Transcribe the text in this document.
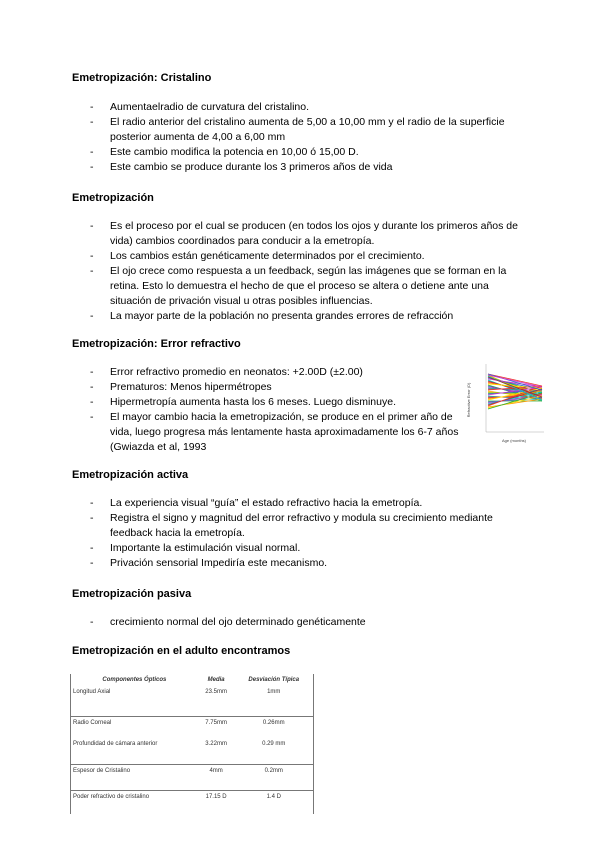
Emetropización: Cristalino
- Aumentaelradio de curvatura del cristalino.
- El radio anterior del cristalino aumenta de 5,00 a 10,00 mm y el radio de la superficie posterior aumenta de 4,00 a 6,00 mm
- Este cambio modifica la potencia en 10,00 ó 15,00 D.
- Este cambio se produce durante los 3 primeros años de vida
Emetropización
- Es el proceso por el cual se producen (en todos los ojos y durante los primeros años de vida) cambios coordinados para conducir a la emetropía.
- Los cambios están genéticamente determinados por el crecimiento.
- El ojo crece como respuesta a un feedback, según las imágenes que se forman en la retina. Esto lo demuestra el hecho de que el proceso se altera o detiene ante una situación de privación visual u otras posibles influencias.
- La mayor parte de la población no presenta grandes errores de refracción
Emetropización: Error refractivo
- Error refractivo promedio en neonatos: +2.00D (±2.00)
- Prematuros: Menos hipermétropes
- Hipermetropía aumenta hasta los 6 meses. Luego disminuye.
- El mayor cambio hacia la emetropización, se produce en el primer año de vida, luego progresa más lentamente hasta aproximadamente los 6-7 años (Gwiazda et al, 1993
Refractive Error (D)
Age (months)
Emetropización activa
- La experiencia visual “guía” el estado refractivo hacia la emetropía.
- Registra el signo y magnitud del error refractivo y modula su crecimiento mediante feedback hacia la emetropía.
- Importante la estimulación visual normal.
- Privación sensorial Impediría este mecanismo.
Emetropización pasiva
- crecimiento normal del ojo determinado genéticamente
Emetropización en el adulto encontramos
Componentes Ópticos	Media	Desviación Típica
Longitud Axial	23.5mm	1mm
Radio Corneal	7.75mm	0.26mm
Profundidad de cámara anterior	3.22mm	0.29 mm
Espesor de Cristalino	4mm	0.2mm
Poder refractivo de cristalino	17.15 D	1.4 D
